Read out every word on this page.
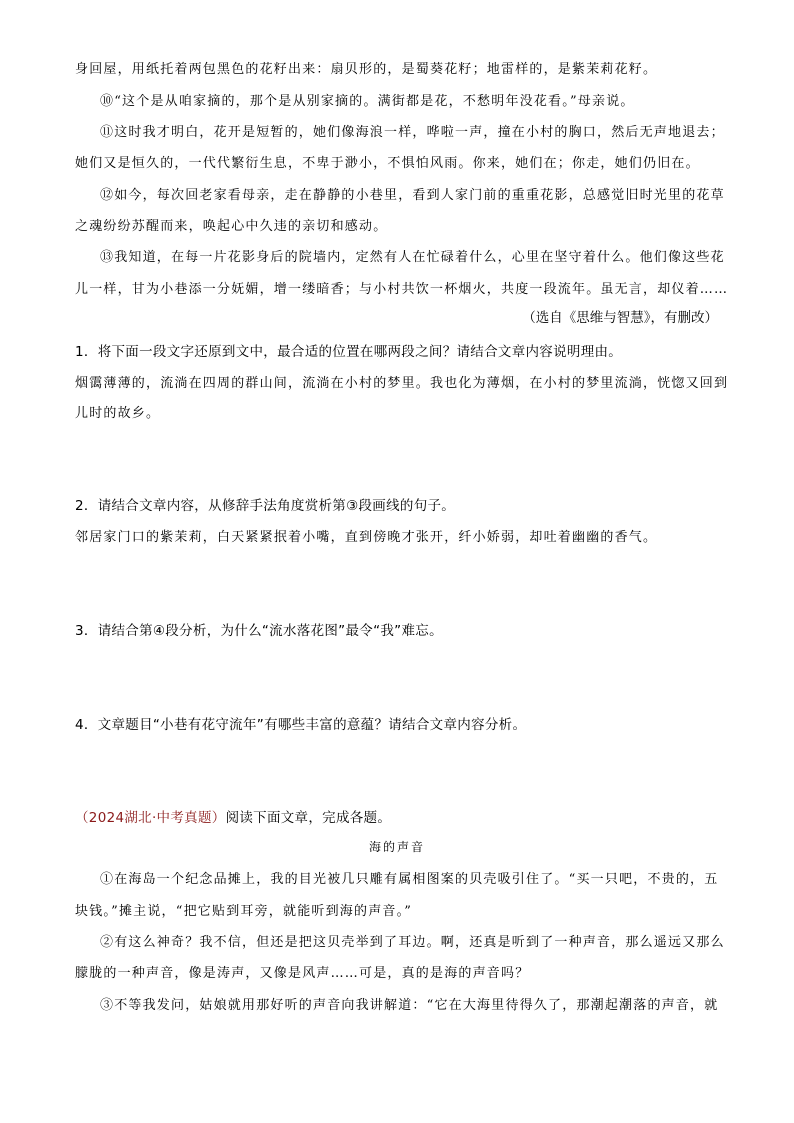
身回屋，用纸托着两包黑色的花籽出来：扇贝形的，是蜀葵花籽；地雷样的，是紫茉莉花籽。
⑩“这个是从咱家摘的，那个是从别家摘的。满街都是花，不愁明年没花看。”母亲说。
⑪这时我才明白，花开是短暂的，她们像海浪一样，哗啦一声，撞在小村的胸口，然后无声地退去；
她们又是恒久的，一代代繁衍生息，不卑于渺小，不惧怕风雨。你来，她们在；你走，她们仍旧在。
⑫如今，每次回老家看母亲，走在静静的小巷里，看到人家门前的重重花影，总感觉旧时光里的花草
之魂纷纷苏醒而来，唤起心中久违的亲切和感动。
⑬我知道，在每一片花影身后的院墙内，定然有人在忙碌着什么，心里在坚守着什么。他们像这些花
儿一样，甘为小巷添一分妩媚，增一缕暗香；与小村共饮一杯烟火，共度一段流年。虽无言，却仪着……
（选自《思维与智慧》，有删改）
1．将下面一段文字还原到文中，最合适的位置在哪两段之间？请结合文章内容说明理由。
烟霭薄薄的，流淌在四周的群山间，流淌在小村的梦里。我也化为薄烟，在小村的梦里流淌，恍惚又回到
儿时的故乡。
2．请结合文章内容，从修辞手法角度赏析第③段画线的句子。
邻居家门口的紫茉莉，白天紧紧抿着小嘴，直到傍晚才张开，纤小娇弱，却吐着幽幽的香气。
3．请结合第④段分析，为什么“流水落花图”最令“我”难忘。
4．文章题目“小巷有花守流年”有哪些丰富的意蕴？请结合文章内容分析。
（2024湖北·中考真题）阅读下面文章，完成各题。
海的声音
①在海岛一个纪念品摊上，我的目光被几只雕有属相图案的贝壳吸引住了。“买一只吧，不贵的，五
块钱。”摊主说，“把它贴到耳旁，就能听到海的声音。”
②有这么神奇？我不信，但还是把这贝壳举到了耳边。啊，还真是听到了一种声音，那么遥远又那么
朦胧的一种声音，像是涛声，又像是风声……可是，真的是海的声音吗？
③不等我发问，姑娘就用那好听的声音向我讲解道：“它在大海里待得久了，那潮起潮落的声音，就
